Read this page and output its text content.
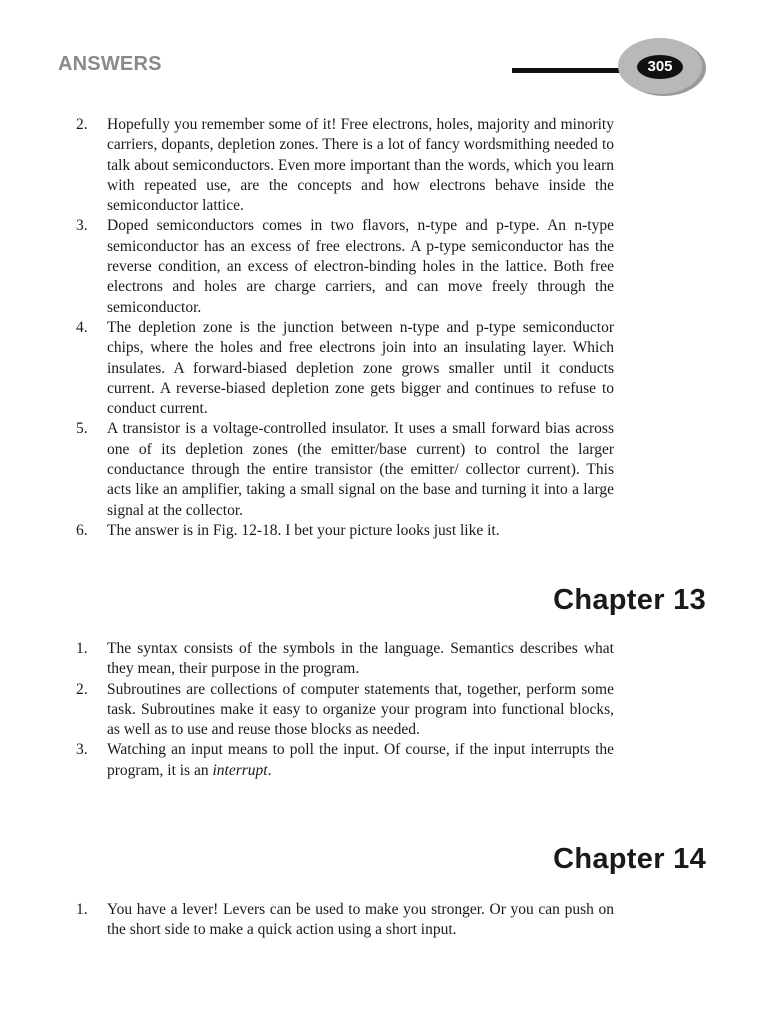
ANSWERS	305
2. Hopefully you remember some of it! Free electrons, holes, majority and minority carriers, dopants, depletion zones. There is a lot of fancy wordsmithing needed to talk about semiconductors. Even more important than the words, which you learn with repeated use, are the concepts and how electrons behave inside the semiconductor lattice.
3. Doped semiconductors comes in two flavors, n-type and p-type. An n-type semiconductor has an excess of free electrons. A p-type semiconductor has the reverse condition, an excess of electron-binding holes in the lattice. Both free electrons and holes are charge carriers, and can move freely through the semiconductor.
4. The depletion zone is the junction between n-type and p-type semiconductor chips, where the holes and free electrons join into an insulating layer. Which insulates. A forward-biased depletion zone grows smaller until it conducts current. A reverse-biased depletion zone gets bigger and continues to refuse to conduct current.
5. A transistor is a voltage-controlled insulator. It uses a small forward bias across one of its depletion zones (the emitter/base current) to control the larger conductance through the entire transistor (the emitter/ collector current). This acts like an amplifier, taking a small signal on the base and turning it into a large signal at the collector.
6. The answer is in Fig. 12-18. I bet your picture looks just like it.
Chapter 13
1. The syntax consists of the symbols in the language. Semantics describes what they mean, their purpose in the program.
2. Subroutines are collections of computer statements that, together, perform some task. Subroutines make it easy to organize your program into functional blocks, as well as to use and reuse those blocks as needed.
3. Watching an input means to poll the input. Of course, if the input interrupts the program, it is an interrupt.
Chapter 14
1. You have a lever! Levers can be used to make you stronger. Or you can push on the short side to make a quick action using a short input.
